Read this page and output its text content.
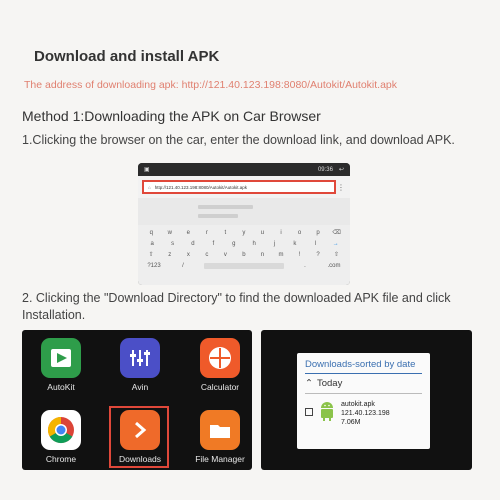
Download and install APK
The address of downloading apk: http://121.40.123.198:8080/Autokit/Autokit.apk
Method 1:Downloading the APK on Car Browser
1.Clicking the browser on the car, enter the download link, and download APK.
▣	09:36 ↩
⌂ http://121.40.123.198:8080/Autokit/Autokit.apk	⋮
q	w	e	r	t	y	u	i	o	p	⌫
a	s	d	f	g	h	j	k	l	→
⇧	z	x	c	v	b	n	m	!	?	⇧
?123	/	.	.com
2. Clicking the "Download Directory" to find the downloaded APK file and click Installation.
AutoKit	Avin	Calculator
Chrome	Downloads	File Manager
Downloads-sorted by date
⌃ Today
autokit.apk
121.40.123.198
7.06M
